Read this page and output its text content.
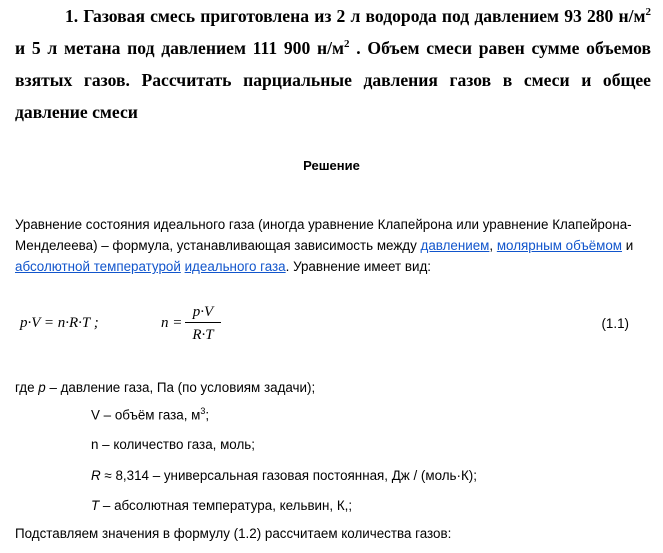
1. Газовая смесь приготовлена из 2 л водорода под давлением 93 280 $н/м^2$ и 5 л метана под давлением 111 900 $н/м^2$ . Объем смеси равен сумме объемов взятых газов. Рассчитать парциальные давления газов в смеси и общее давление смеси

Решение

Уравнение состояния идеального газа (иногда уравнение Клапейрона или уравнение Клапейрона-Менделеева) – формула, устанавливающая зависимость между давлением, молярным объёмом и абсолютной температурой идеального газа. Уравнение имеет вид:

p·V = n·R·T ;	$n = \frac{p\cdot V}{R\cdot T}$	(1.1)

где p – давление газа, Па (по условиям задачи);

V – объём газа, $м^3$;

n – количество газа, моль;

R ≈ 8,314 – универсальная газовая постоянная, Дж / (моль·К);

T – абсолютная температура, кельвин, К,;

Подставляем значения в формулу (1.2) рассчитаем количества газов:
